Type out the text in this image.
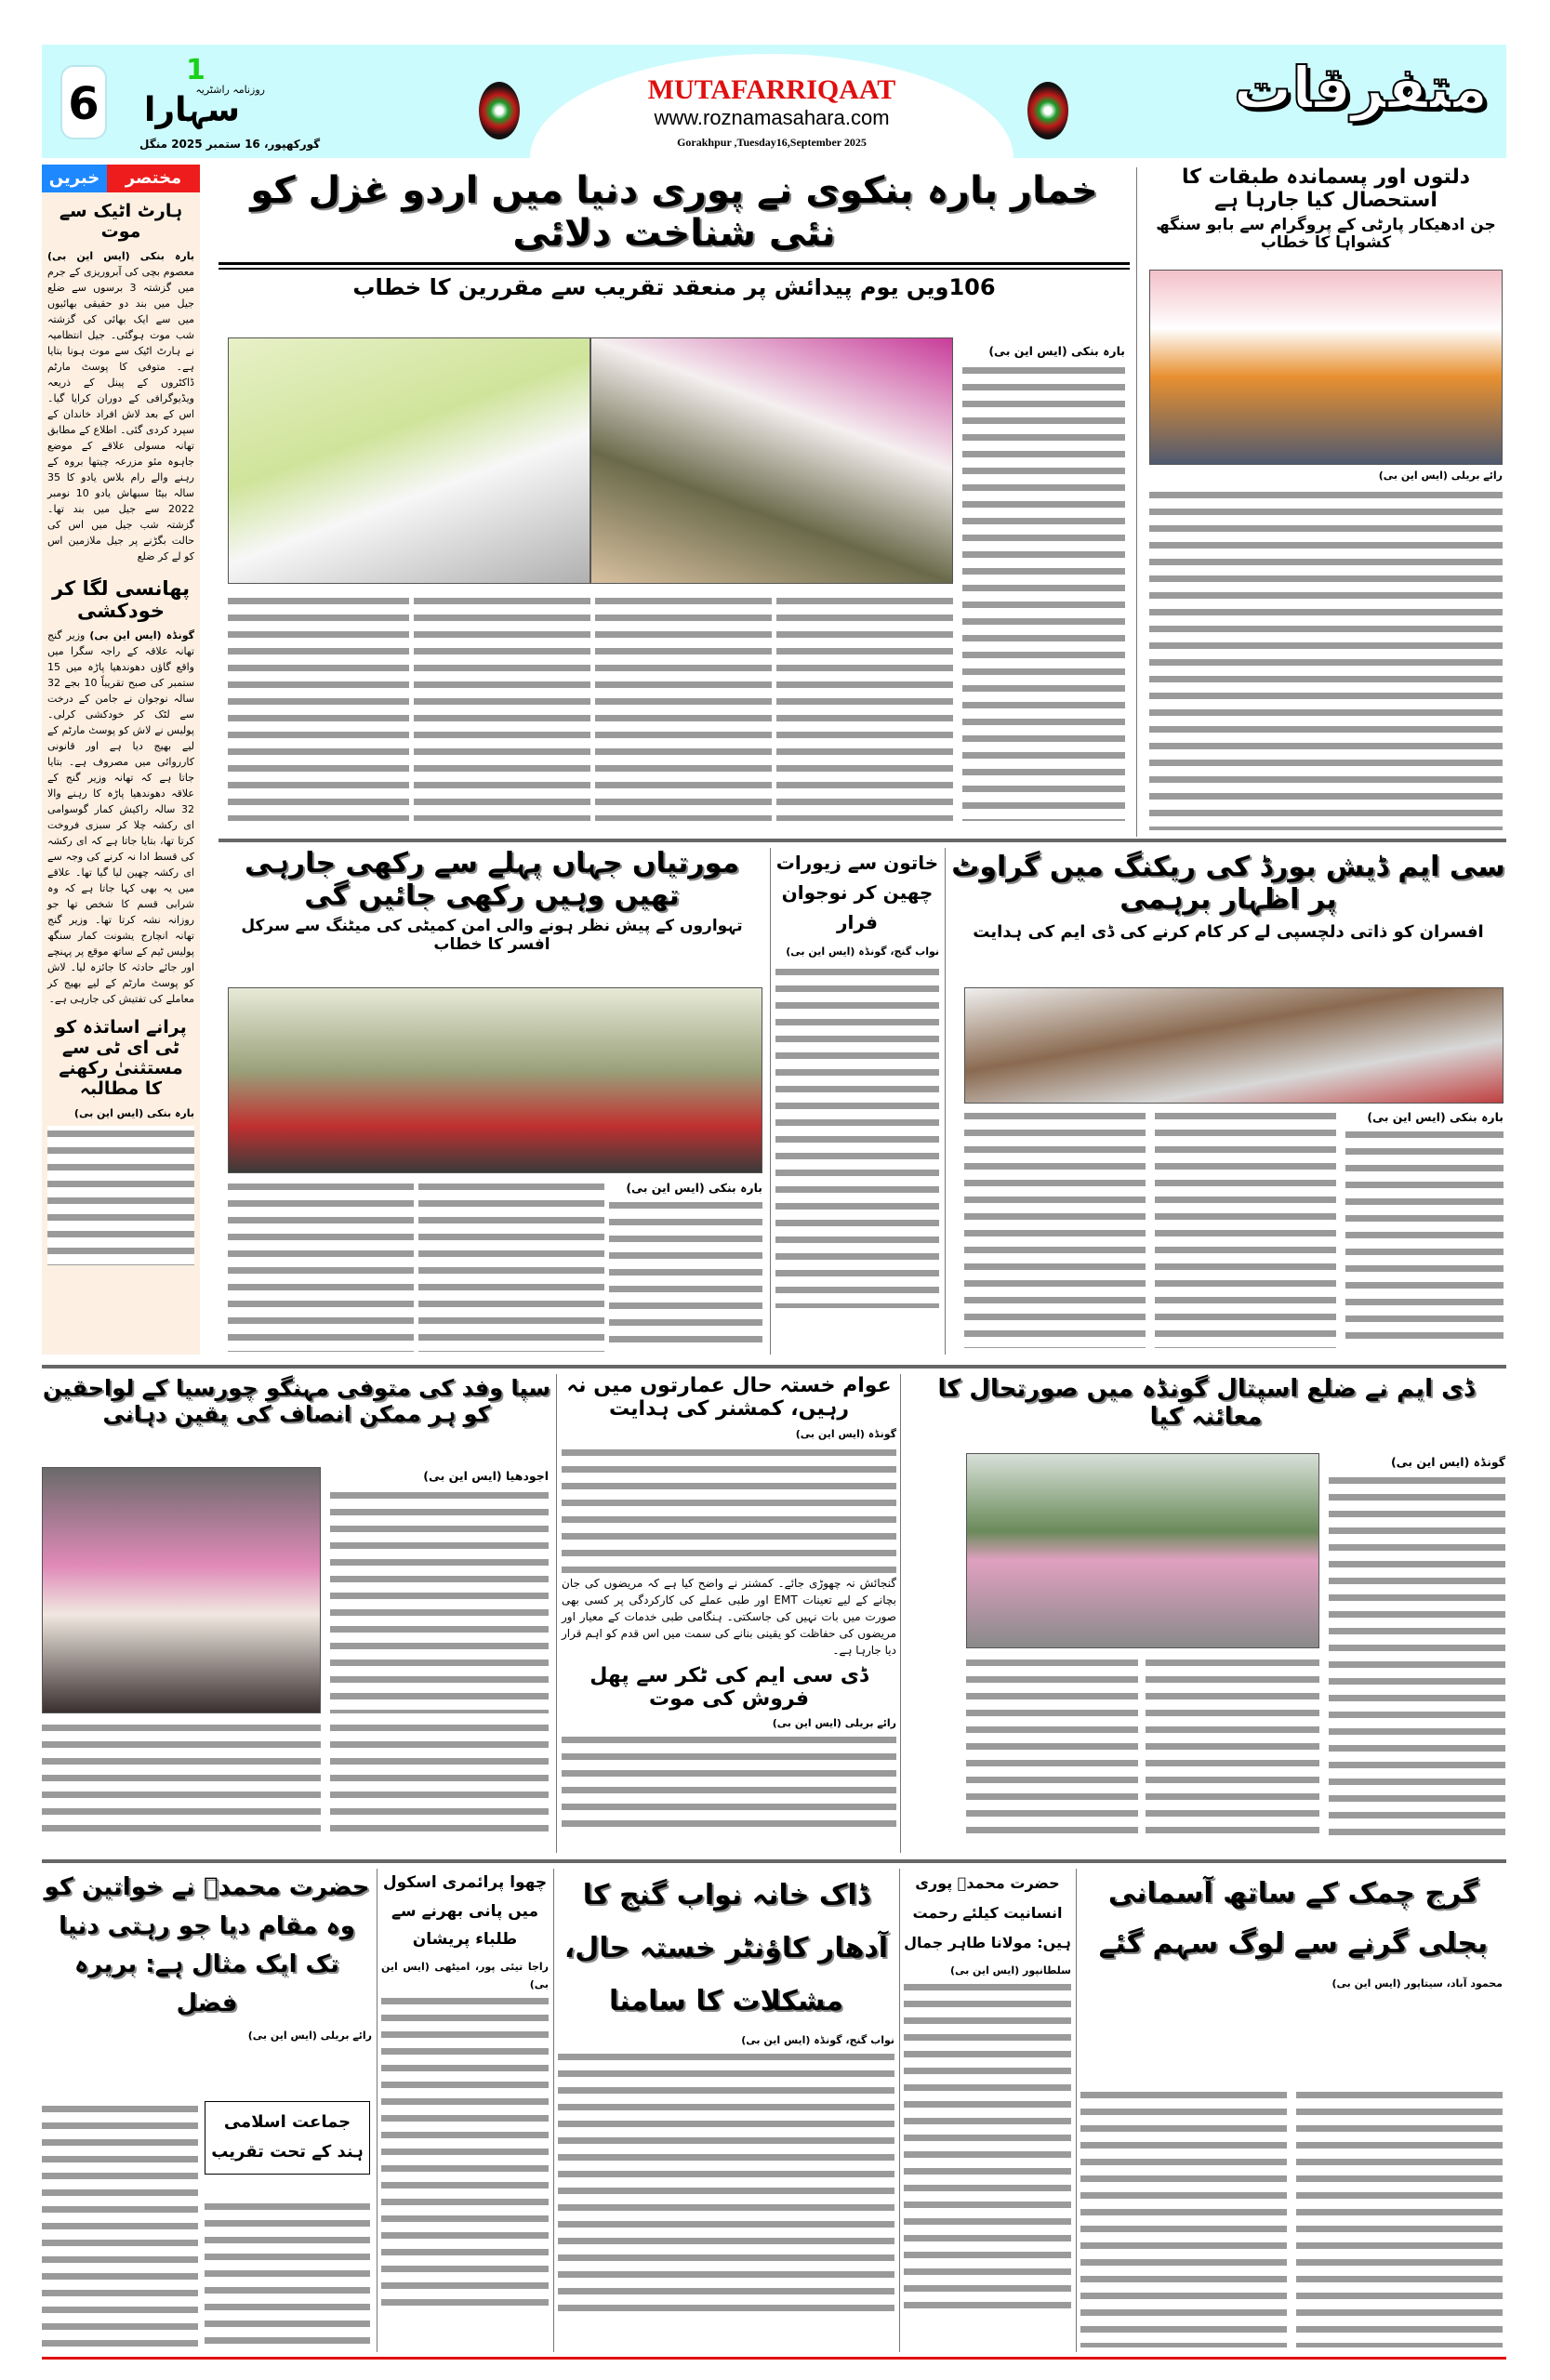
6
1
روزنامہ راشٹریہ
سہارا
گورکھپور، 16 ستمبر 2025 منگل
MUTAFARRIQAAT
www.roznamasahara.com
Gorakhpur ,Tuesday16,September 2025
متفرقات
خبریں	مختصر
ہارٹ اٹیک سے موت
بارہ بنکی (ایس این بی) معصوم بچی کی آبروریزی کے جرم میں گزشتہ 3 برسوں سے ضلع جیل میں بند دو حقیقی بھائیوں میں سے ایک بھائی کی گزشتہ شب موت ہوگئی۔ جیل انتظامیہ نے ہارٹ اٹیک سے موت ہونا بتایا ہے۔ متوفی کا پوسٹ مارٹم ڈاکٹروں کے پینل کے ذریعہ ویڈیوگرافی کے دوران کرایا گیا۔ اس کے بعد لاش افراد خاندان کے سپرد کردی گئی۔ اطلاع کے مطابق تھانہ مسولی علاقے کے موضع جاہوہ مئو مزرعہ چیتھا بروہ کے رہنے والے رام بلاس یادو کا 35 سالہ بیٹا سبھاش یادو 10 نومبر 2022 سے جیل میں بند تھا۔ گزشتہ شب جیل میں اس کی حالت بگڑنے پر جیل ملازمین اس کو لے کر ضلع
پھانسی لگا کر خودکشی
گونڈہ (ایس این بی) وزیر گنج تھانہ علاقہ کے راجہ سگرا میں واقع گاؤں دھوندھیا پاڑہ میں 15 ستمبر کی صبح تقریباً 10 بجے 32 سالہ نوجوان نے جامن کے درخت سے لٹک کر خودکشی کرلی۔ پولیس نے لاش کو پوسٹ مارٹم کے لیے بھیج دیا ہے اور قانونی کارروائی میں مصروف ہے۔ بتایا جاتا ہے کہ تھانہ وزیر گنج کے علاقہ دھوندھیا پاڑہ کا رہنے والا 32 سالہ راکیش کمار گوسوامی ای رکشہ چلا کر سبزی فروخت کرتا تھا، بتایا جاتا ہے کہ ای رکشہ کی قسط ادا نہ کرنے کی وجہ سے ای رکشہ چھین لیا گیا تھا۔ علاقے میں یہ بھی کہا جاتا ہے کہ وہ شرابی قسم کا شخص تھا جو روزانہ نشہ کرتا تھا۔ وزیر گنج تھانہ انچارج یشونت کمار سنگھ پولیس ٹیم کے ساتھ موقع پر پہنچے اور جائے حادثہ کا جائزہ لیا۔ لاش کو پوسٹ مارٹم کے لیے بھیج کر معاملے کی تفتیش کی جارہی ہے۔
پرانے اساتذہ کو ٹی ای ٹی سے مستثنیٰ رکھنے کا مطالبہ
بارہ بنکی (ایس این بی)
خمار بارہ بنکوی نے پوری دنیا میں اردو غزل کو نئی شناخت دلائی
106ویں یوم پیدائش پر منعقد تقریب سے مقررین کا خطاب
بارہ بنکی (ایس این بی)
دلتوں اور پسماندہ طبقات کا استحصال کیا جارہا ہے
جن ادھیکار پارٹی کے پروگرام سے بابو سنگھ کشواہا کا خطاب
رائے بریلی (ایس این بی)
مورتیاں جہاں پہلے سے رکھی جارہی تھیں وہیں رکھی جائیں گی
تہواروں کے پیش نظر ہونے والی امن کمیٹی کی میٹنگ سے سرکل افسر کا خطاب
بارہ بنکی (ایس این بی)
خاتون سے زیورات چھین کر نوجوان فرار
نواب گنج، گونڈہ (ایس این بی)
سی ایم ڈیش بورڈ کی ریکنگ میں گراوٹ پر اظہار برہمی
افسران کو ذاتی دلچسپی لے کر کام کرنے کی ڈی ایم کی ہدایت
بارہ بنکی (ایس این بی)
سپا وفد کی متوفی مہنگو چورسیا کے لواحقین کو ہر ممکن انصاف کی یقین دہانی
اجودھیا (ایس این بی)
عوام خستہ حال عمارتوں میں نہ رہیں، کمشنر کی ہدایت
گونڈہ (ایس این بی)
گنجائش نہ چھوڑی جائے۔ کمشنر نے واضح کیا ہے کہ مریضوں کی جان بچانے کے لیے تعینات EMT اور طبی عملے کی کارکردگی پر کسی بھی صورت میں بات نہیں کی جاسکتی۔ ہنگامی طبی خدمات کے معیار اور مریضوں کی حفاظت کو یقینی بنانے کی سمت میں اس قدم کو اہم قرار دیا جارہا ہے۔
ڈی سی ایم کی ٹکر سے پھل فروش کی موت
رائے بریلی (ایس این بی)
ڈی ایم نے ضلع اسپتال گونڈہ میں صورتحال کا معائنہ کیا
گونڈہ (ایس این بی)
حضرت محمدؐ نے خواتین کو وہ مقام دیا جو رہتی دنیا تک ایک مثال ہے: بریرہ فضل
رائے بریلی (ایس این بی)
جماعت اسلامی ہند کے تحت تقریب
چھوا پرائمری اسکول میں پانی بھرنے سے طلباء پریشان
راجا تیئی پور، امیٹھی (ایس این بی)
ڈاک خانہ نواب گنج کا آدھار کاؤنٹر خستہ حال، مشکلات کا سامنا
نواب گنج، گونڈہ (ایس این بی)
حضرت محمدؐ پوری انسانیت کیلئے رحمت ہیں: مولانا طاہر جمال
سلطانپور (ایس این بی)
گرج چمک کے ساتھ آسمانی بجلی گرنے سے لوگ سہم گئے
محمود آباد، سیتاپور (ایس این بی)
